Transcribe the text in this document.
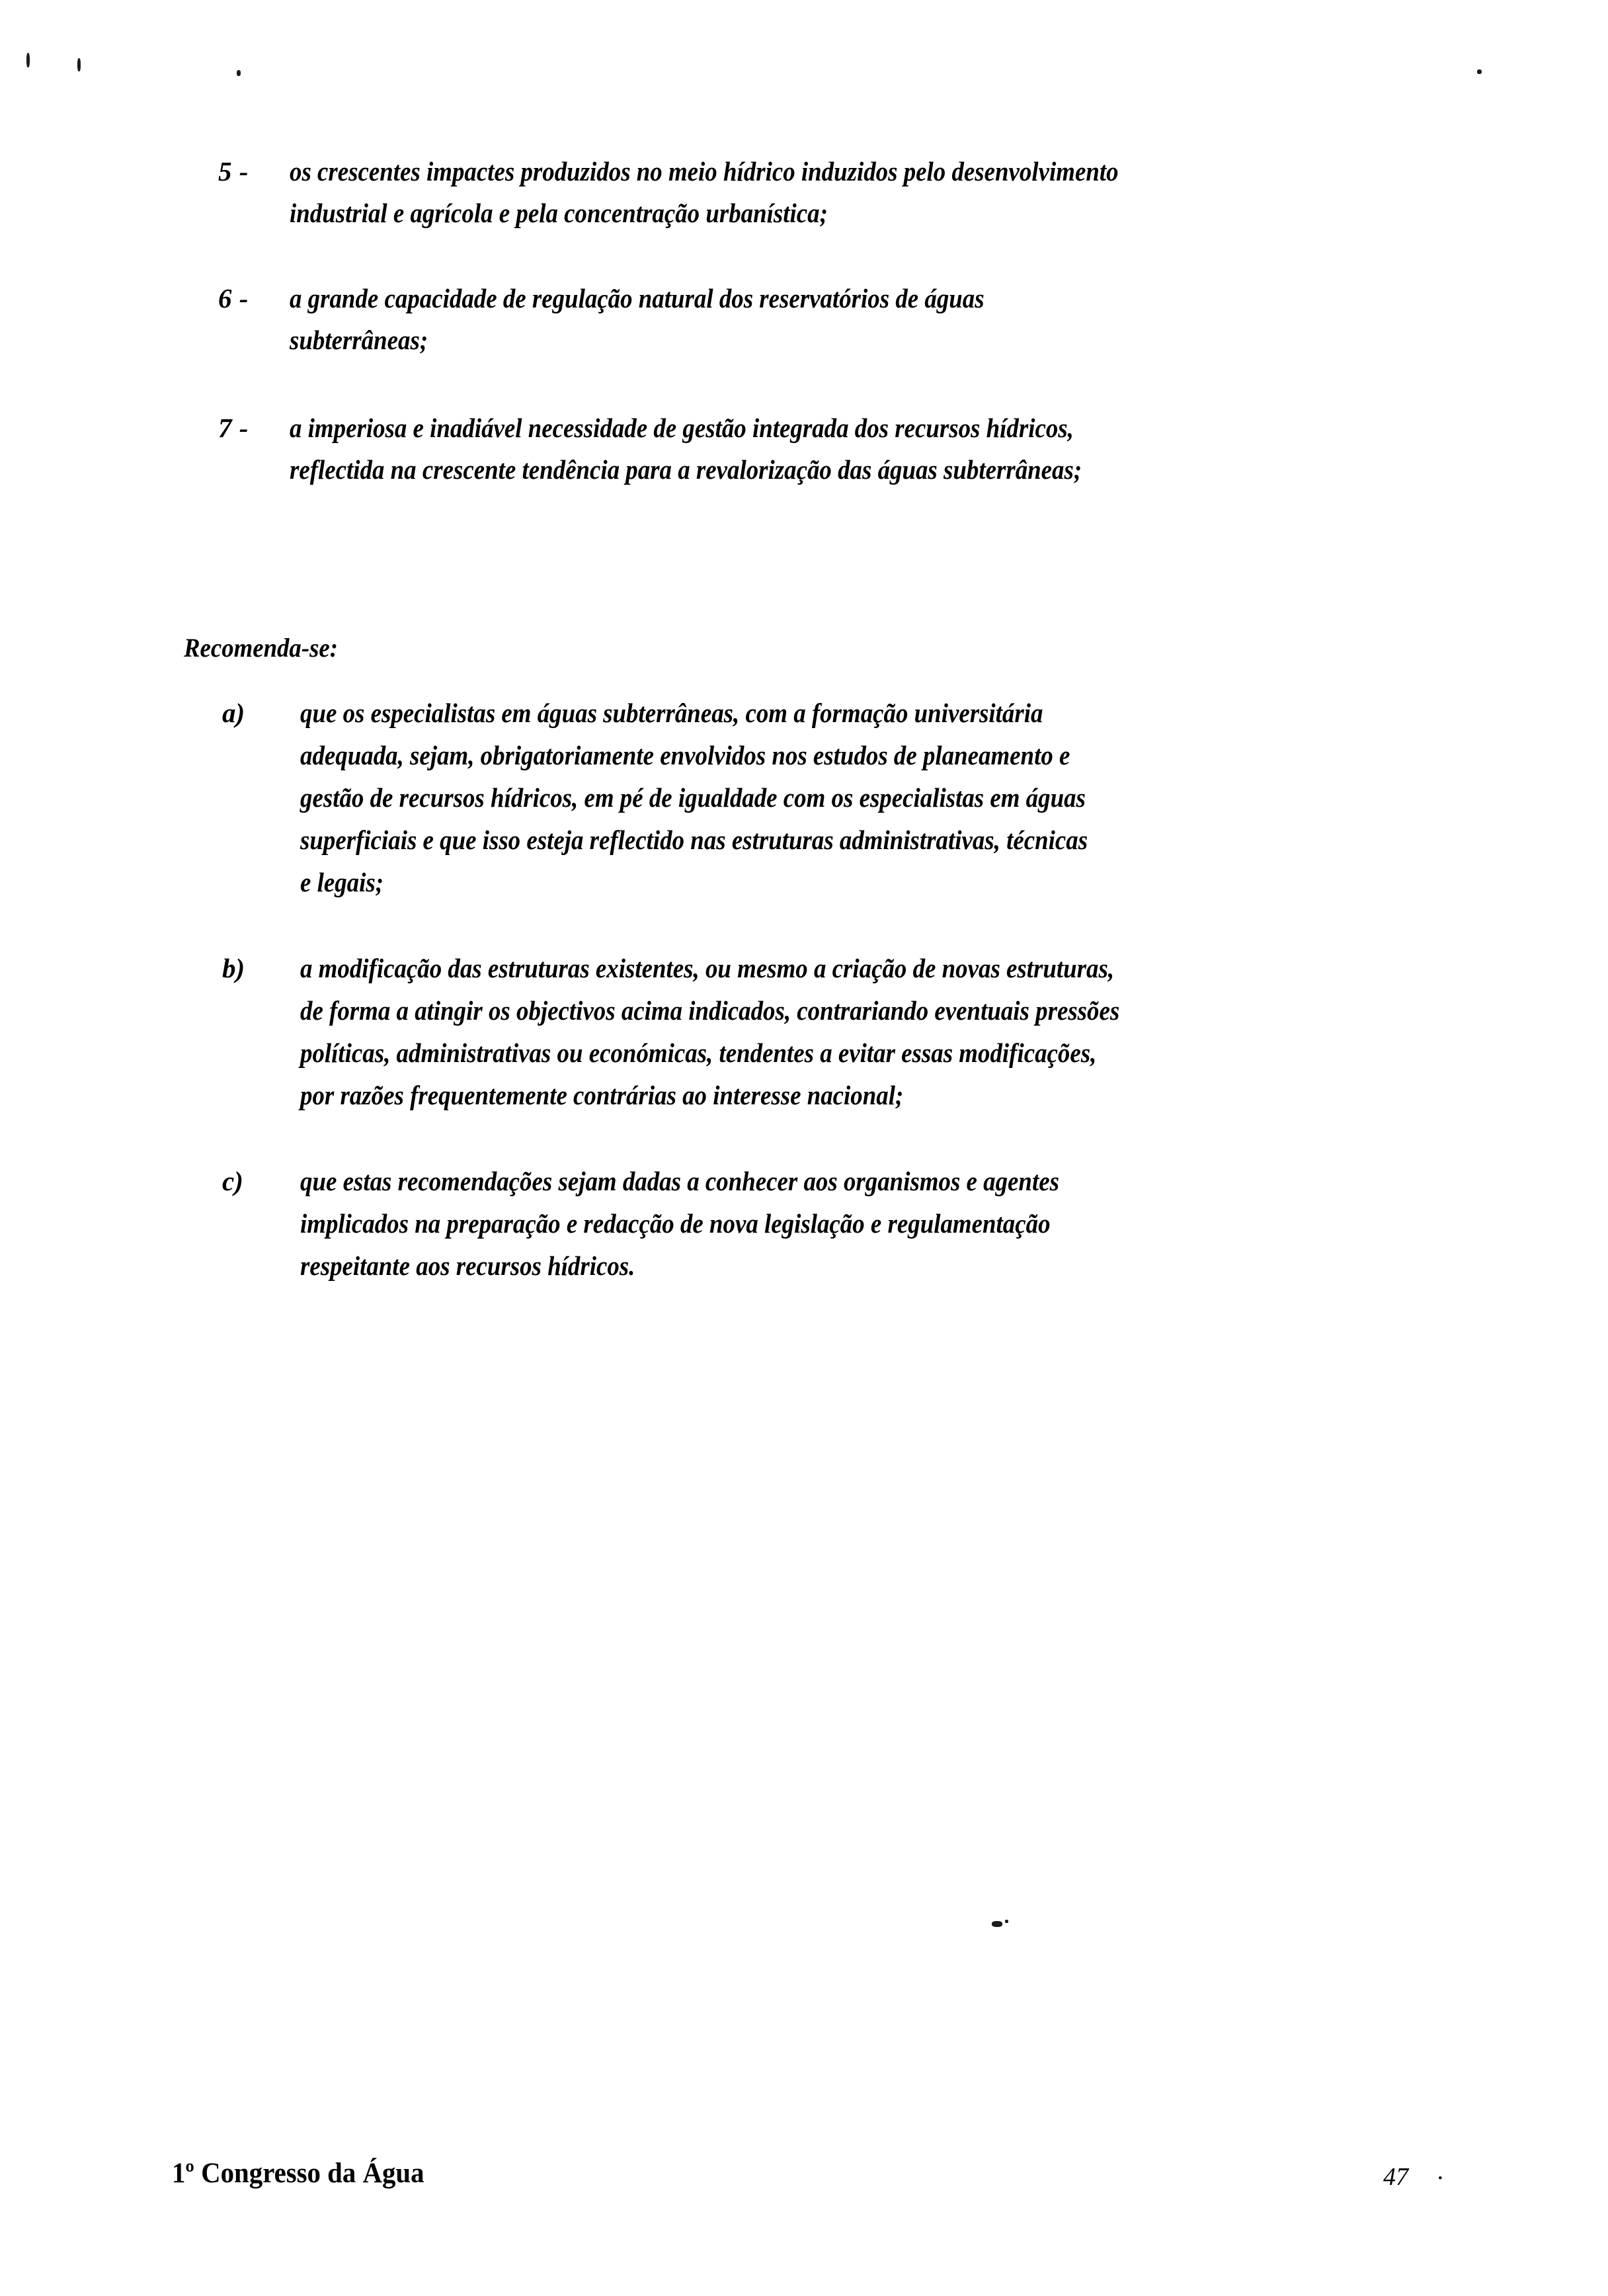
5 -	os crescentes impactes produzidos no meio hídrico induzidos pelo desenvolvimento
industrial e agrícola e pela concentração urbanística;
6 -	a grande capacidade de regulação natural dos reservatórios de águas
subterrâneas;
7 -	a imperiosa e inadiável necessidade de gestão integrada dos recursos hídricos,
reflectida na crescente tendência para a revalorização das águas subterrâneas;
Recomenda-se:
a)	que os especialistas em águas subterrâneas, com a formação universitária
adequada, sejam, obrigatoriamente envolvidos nos estudos de planeamento e
gestão de recursos hídricos, em pé de igualdade com os especialistas em águas
superficiais e que isso esteja reflectido nas estruturas administrativas, técnicas
e legais;
b)	a modificação das estruturas existentes, ou mesmo a criação de novas estruturas,
de forma a atingir os objectivos acima indicados, contrariando eventuais pressões
políticas, administrativas ou económicas, tendentes a evitar essas modificações,
por razões frequentemente contrárias ao interesse nacional;
c)	que estas recomendações sejam dadas a conhecer aos organismos e agentes
implicados na preparação e redacção de nova legislação e regulamentação
respeitante aos recursos hídricos.
1º Congresso da Água	47 ·
